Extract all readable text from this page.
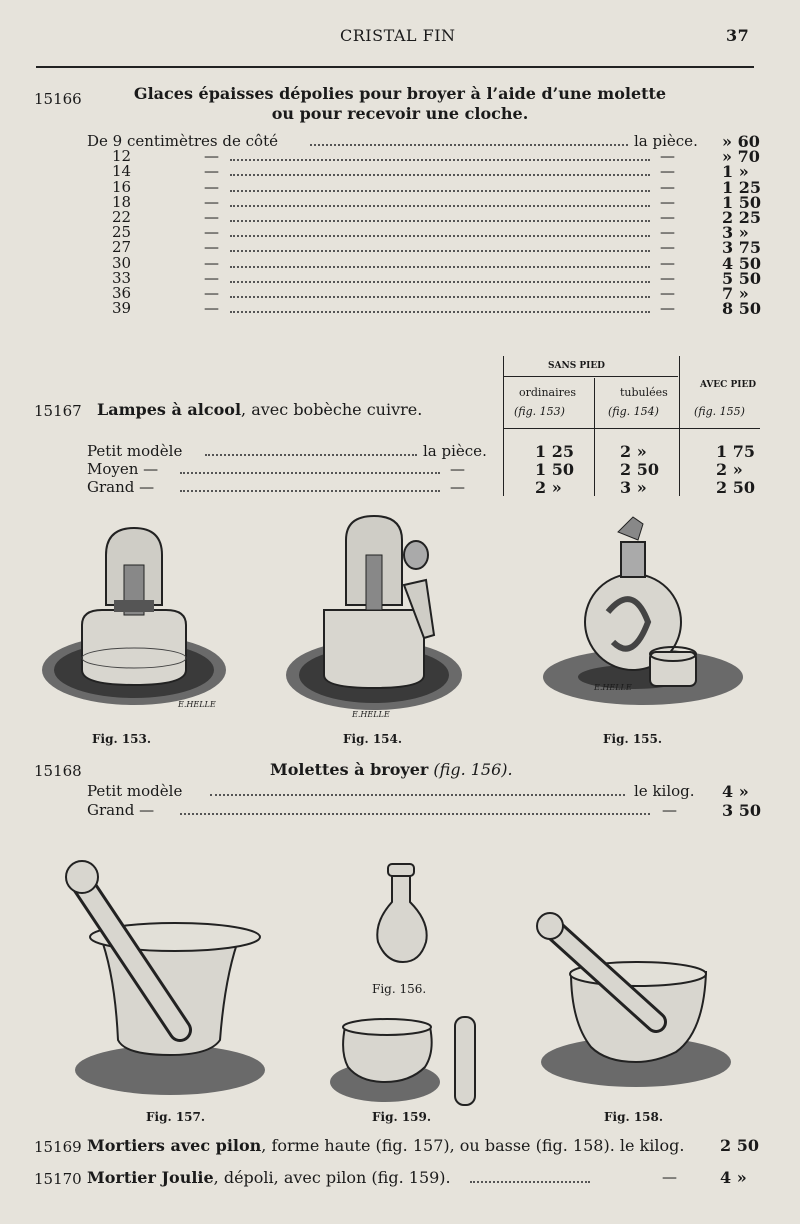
CRISTAL FIN	37
15166	Glaces épaisses dépolies pour broyer à l’aide d’une molette
ou pour recevoir une cloche.
De 9 centimètres de côté	la pièce. » 60
12	—	—	» 70
14	—	—	1 »
16	—	—	1 25
18	—	—	1 50
22	—	—	2 25
25	—	—	3 »
27	—	—	3 75
30	—	—	4 50
33	—	—	5 50
36	—	—	7 »
39	—	—	8 50
15167 Lampes à alcool, avec bobèche cuivre.
SANS PIED
ordinaires
(fig. 153)
tubulées
(fig. 154)
AVEC PIED
(fig. 155)
Petit modèle	1 25	2 »	1 75
la pièce.
Moyen —	1 50	2 50	2 »
—
Grand —	2 »	3 »	2 50
—
E.HELLE
E.HELLE
E.HELLE
Fig. 153.	Fig. 154.	Fig. 155.
15168	Molettes à broyer (fig. 156).
Petit modèle	le kilog. 4 »
Grand —	—	3 50
Fig. 156.
Fig. 157.	Fig. 159.	Fig. 158.
15169 Mortiers avec pilon, forme haute (fig. 157), ou basse (fig. 158). le kilog. 2 50
15170 Mortier Joulie, dépoli, avec pilon (fig. 159).	—	4 »
